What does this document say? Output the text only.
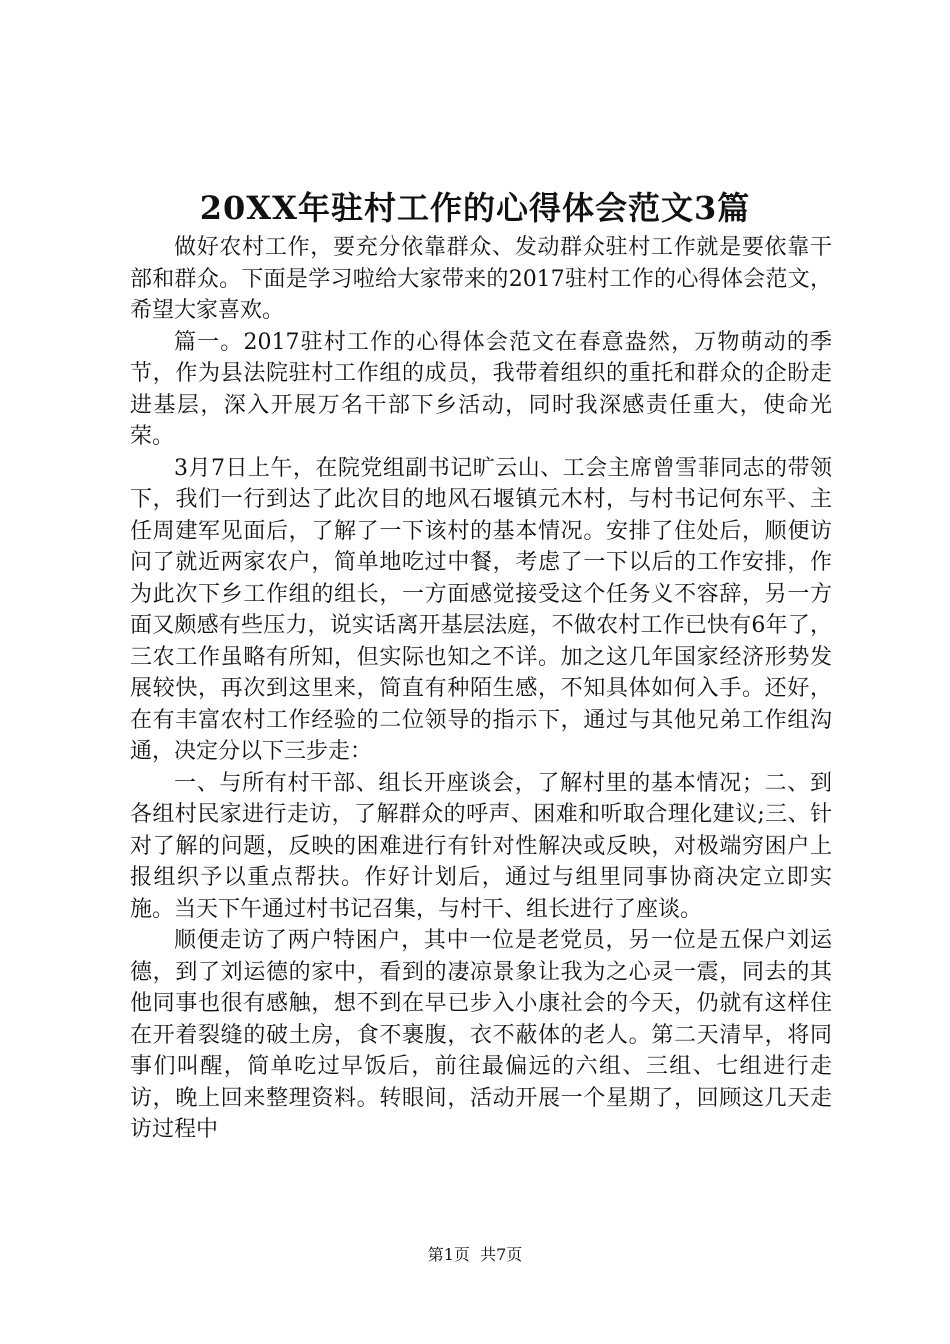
20XX年驻村工作的心得体会范文3篇

做好农村工作，要充分依靠群众、发动群众驻村工作就是要依靠干部和群众。下面是学习啦给大家带来的2017驻村工作的心得体会范文，希望大家喜欢。

篇一。2017驻村工作的心得体会范文在春意盎然，万物萌动的季节，作为县法院驻村工作组的成员，我带着组织的重托和群众的企盼走进基层，深入开展万名干部下乡活动，同时我深感责任重大，使命光荣。

3月7日上午，在院党组副书记旷云山、工会主席曾雪菲同志的带领下，我们一行到达了此次目的地风石堰镇元木村，与村书记何东平、主任周建军见面后，了解了一下该村的基本情况。安排了住处后，顺便访问了就近两家农户，简单地吃过中餐，考虑了一下以后的工作安排，作为此次下乡工作组的组长，一方面感觉接受这个任务义不容辞，另一方面又颇感有些压力，说实话离开基层法庭，不做农村工作已快有6年了，三农工作虽略有所知，但实际也知之不详。加之这几年国家经济形势发展较快，再次到这里来，简直有种陌生感，不知具体如何入手。还好，在有丰富农村工作经验的二位领导的指示下，通过与其他兄弟工作组沟通，决定分以下三步走：

一、与所有村干部、组长开座谈会，了解村里的基本情况；二、到各组村民家进行走访，了解群众的呼声、困难和听取合理化建议;三、针对了解的问题，反映的困难进行有针对性解决或反映，对极端穷困户上报组织予以重点帮扶。作好计划后，通过与组里同事协商决定立即实施。当天下午通过村书记召集，与村干、组长进行了座谈。

顺便走访了两户特困户，其中一位是老党员，另一位是五保户刘运德，到了刘运德的家中，看到的凄凉景象让我为之心灵一震，同去的其他同事也很有感触，想不到在早已步入小康社会的今天，仍就有这样住在开着裂缝的破土房，食不裹腹，衣不蔽体的老人。第二天清早，将同事们叫醒，简单吃过早饭后，前往最偏远的六组、三组、七组进行走访，晚上回来整理资料。转眼间，活动开展一个星期了，回顾这几天走访过程中

第1页 共7页
